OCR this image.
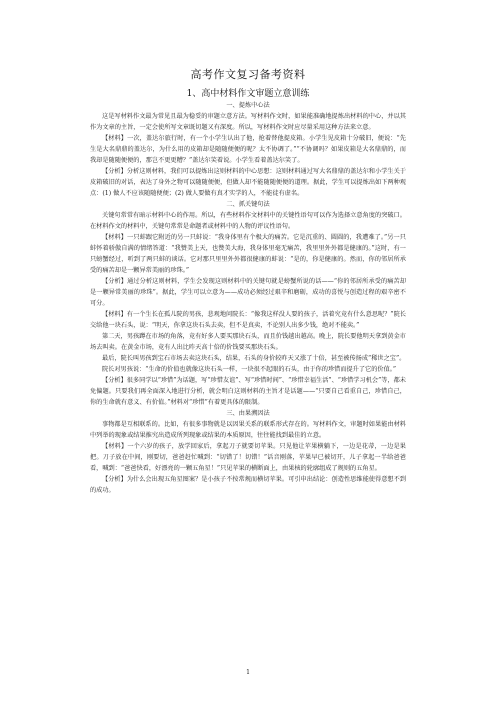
高考作文复习备考资料
1、高中材料作文审题立意训练

一、提炼中心法

这是写材料作文最为常见且最为稳妥的审题立意方法。写材料作文时，如果能准确地提炼出材料的中心，并以其作为文章的主旨，一定会使所写文章既切题又有深度。所以，写材料作文时应尽量采用这种方法来立意。

【材料】一次，盖达尔旅行时，有一个小学生认出了他，抢着替他提皮箱。小学生见皮箱十分破旧，便说：“先生是大名鼎鼎的盖达尔，为什么用的皮箱却是随随便便的呢？太不协调了。”“不协调吗？如果皮箱是大名鼎鼎的，而我却是随随便便的，那岂不更更糟？”盖达尔笑着说。小学生看着盖达尔笑了。

【分析】分析这则材料，我们可以提炼出这则材料的中心思想：这则材料通过写大名鼎鼎的盖达尔和小学生关于皮箱破旧的对话，表达了身外之物可以随随便便，但做人却不能随随便便的道理。据此，学生可以提炼出如下两种观点：(1) 做人不应该随随便便；(2) 做人要做有真才实学的人，不能徒有虚名。

二、抓关键句法

关键句常常有暗示材料中心的作用。所以，有些材料作文材料中的关键性语句可以作为选择立意角度的突破口。在材料作文的材料中，关键句常常是命题者或材料中的人物的评议性语句。

【材料】一只蚌跟它附近的另一只蚌说：“我身体里有个极大的痛苦。它是沉重的、圆圆的，我遭难了。”另一只蚌怀着骄傲自满的情绪答道：“我赞美上天，也赞美大海，我身体里毫无痛苦，我里里外外都是健康的。”这时，有一只螃蟹经过，听到了两只蚌的谈话。它对那只里里外外都很健康的蚌说：“是的，你是健康的。然而，你的邻居所承受的痛苦却是一颗异常美丽的珍珠。”

【分析】通过分析这则材料，学生会发现这则材料中的关键句就是螃蟹所说的话——“你的邻居所承受的痛苦却是一颗异常美丽的珍珠”。据此，学生可以立意为——成功必须经过艰辛和磨砺，成功的喜悦与创造过程的艰辛密不可分。

【材料】有一个生长在孤儿院的男孩，悲观地问院长：“像我这样没人要的孩子，活着究竟有什么意思呢？”院长交给他一块石头，说：“明天，你拿这块石头去卖，但不是真卖，不论别人出多少钱，绝对不能卖。”

第二天，男孩蹲在市场的角落，竟有好多人要买那块石头，而且价钱越出越高。晚上，院长要他明天拿到黄金市场去叫卖。在黄金市场，竟有人出比昨天高十倍的价钱要买那块石头。

最后，院长叫男孩到宝石市场去卖这块石头，结果，石头的身价较昨天又涨了十倍，甚至被传扬成“稀世之宝”。

院长对男孩说：“生命的价值也就像这块石头一样，一块很不起眼的石头，由于你的珍惜而提升了它的价值。”

【分析】很多同学以“珍惜”为话题，写“珍惜友谊”、写“珍惜时间”、“珍惜幸福生活”、“珍惜学习机会”等，都未免偏题。只要我们再全面深入地进行分析，就会明白这则材料的主旨才是话题——“只要自己看重自己，珍惜自己，你的生命就有意义、有价值。”材料对“珍惜”有着更具体的限制。

三、由果溯因法

事物都是互相联系的。比如，有很多事物就是以因果关系的联系形式存在的。写材料作文，审题时如果能由材料中列举的现象或结果推究出造成所列现象或结果的本质原因，往往能找到最佳的立意。

【材料】一个六岁的孩子，放学回家后，拿起刀子就要切苹果。只见他让苹果横躺下，一边是花蒂，一边是果把。刀子放在中间，刚要切，爸爸赶忙喊到：“切错了！切错！”话音刚落，苹果早已被切开，儿子拿起一半给爸爸看，喊到：“爸爸快看，好漂亮的一颗五角星！”只见苹果的横断面上，由果核的轮廓组成了规则的五角星。

【分析】为什么会出现五角星图案？是小孩子不按常规而横切苹果。可引申出结论：创造性思维能使得意想不到的成功。

1
